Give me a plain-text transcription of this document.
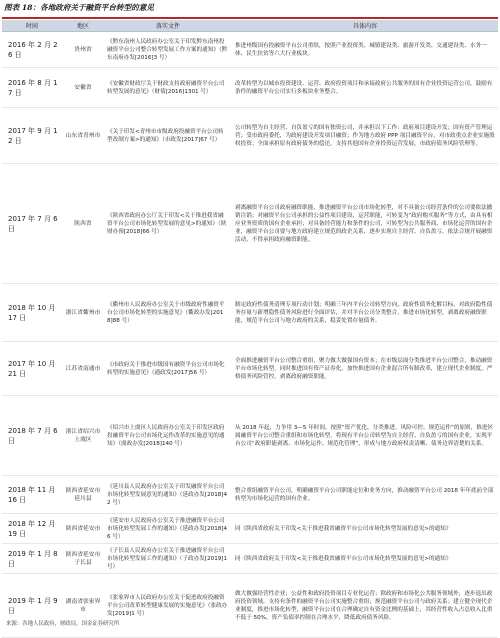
图表 18：各地政府关于融资平台转型的意见
时间	地区	落实文件	具体内容
2016 年 2 月 26 日	贵州省	《黔东南州人民政府办公室关于印发黔东南州投融资平台公司整合转型发展工作方案的通知》（黔东南府办发[2016]3 号）	推进州级国有投融资平台公司重组，按照产业投资类、城镇建设类、旅游开发类、交通建设类、水务一体、民生扶贫等六大行业板块。
2016 年 8 月 17 日	安徽省	《安徽省财政厅关于财政支持政府融资平台公司转型发展的意见》（财债[2016]1301 号）	改革转型为以城市投资建设、运营、政府投资项目和承接政府公共服务的国有企业投资运营公司，鼓励有条件的融资平台公司实行多板块业务整合。
2017 年 9 月 12 日	山东省青州市	《关于印发<青州市市级政府投融资平台公司转型改制方案>的通知》（市政发[2017]67 号）	公司转型为自主经营、自负盈亏的国有独资公司，并承担以下工作：政府项目建设开发；国有资产管理运营；受市政府委托，为政府建设开发项目融资；作为地方政府 PPP 项目融资平台，对市政重点企业实施股权投资；全面承担原有政府债务的偿还，支持其他国有企业投资运营发展，市政府债务风险管理等。
2017 年 7 月 6 日	陕西省	《陕西省政府办公厅关于印发<关于推进我省融资平台公司市场化转型发展的意见>的通知》（陕财办预[2018]66 号）	剥离融资平台公司政府融资职能，推进融资平台公司市场化转型，对不具备公司经营条件的公司要依法撤销注销；对融资平台公司承担的公益性项目建设、运营职能，可转变为“政府购买服务”等方式，由具有相应业务资质的国有企业承担；对具备经营能力和条件的公司，可转型为公共服务商、市场化运营的国有企业，融资平台公司要与地方政府建立规范的政企关系，逐步实现自主经营、自负盈亏，依法合规开展融资活动，不得承担政府融资职能。
2018 年 10 月 17 日	浙江省衢州市	《衢州市人民政府办公室关于市级政府性融资平台公司市场化转型的实施意见》（衢政办发[2018]88 号）	制定政府性债务清理专项行动计划；明确三年内平台公司转型方向，政府性债务化解目标，对政府隐性债务存量与新增隐性债务风险进行全面评估，并对平台公司分类整合，推进市场化转型，剥离政府融资职能，规范平台公司与地方政府的关系，稳妥处置存量债务。
2017 年 10 月 21 日	江苏省南通市	《市政府关于推进市级国有融资平台公司市场化转型的实施意见》（通政发[2017]56 号）	全面推进融资平台公司整合重组，聚力做大做强国有资本；在市级层面分类推进平台公司整合，推动融资平台市场化转型，同时推进国有资产证券化，加快推进国有企业混合所有制改革，建立现代企业制度，严格债务风险管控，剥离政府融资职能。
2018 年 7 月 6 日	浙江省绍兴市上虞区	《绍兴市上虞区人民政府办公室关于印发区政府投融资平台公司市场化运作改革的实施意见的通知》（虞政办发[2018]140 号）	从 2018 年起，力争用 3—5 年时间，按照“资产优化、分类推进、风险可控、规范运作”的原则，推进区属融资平台公司整合重组和市场化转型，将现有平台公司转型为自主经营、自负盈亏的国有企业，实现平台公司“政府职能剥离、市场化运作、规范化管理”，形成与地方政府权责清晰、债务边界清楚的关系。
2018 年 11 月 16 日	陕西省延安市延川县	《延川县人民政府办公室关于印发融资平台公司市场化转型发展意见的通知》（延政办发[2018]42 号）	整合重组融资平台公司，明确融资平台公司职能定位和业务方向，推动融资平台公司 2018 年年底前全部转型为市场化运营的国有企业。
2018 年 12 月 19 日	陕西省延安市	《延安市人民政府办公室关于推进融资平台公司市场化转型发展工作的通知》（延政办发[2018]46 号）	同《陕西省政府关于印发<关于推进我省融资平台公司市场化转型发展的意见>的通知》
2019 年 1 月 8 日	陕西省延安市子长县	《子长县人民政府办公室关于推进融资平台公司市场化转型发展工作的通知》（子政办发[2019]1 号）	同《陕西省政府关于印发<关于推进我省融资平台公司市场化转型发展的意见>的通知》
2019 年 1 月 9 日	湖南省张家界市	《张家界市人民政府办公室关于促进政府投融资平台公司改革转型健康发展的实施意见》（张政办发[2019]1 号）	做大做强经营性企业；公益性和政府投资项目专业化运营；除政府和市场化公共服务领域外，逐步退出政府投资领域，支持有条件的融资平台公司实施整合重组；规范融资平台公司与政府关系；建立健全现代企业制度，推进市场化转型，融资平台公司在合理确定自有资金比例的基础上，其经营性收入占总收入比重不低于 50%，资产负债率控制在合理水平，降低政府债务风险。
来源：各地人民政府，财政局，国金证券研究所
